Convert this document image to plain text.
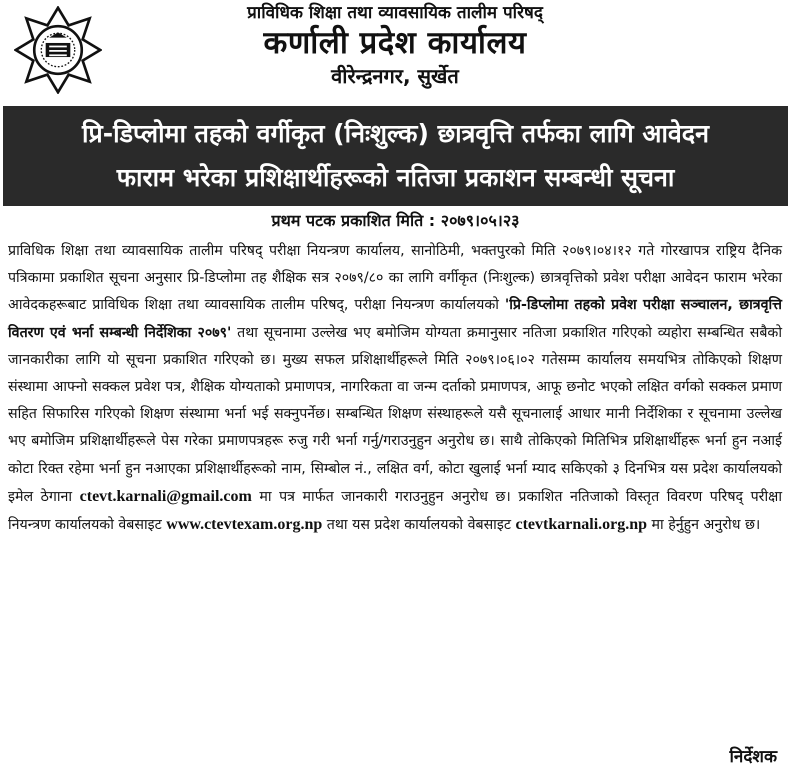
प्राविधिक शिक्षा तथा व्यावसायिक तालीम परिषद्
कर्णाली प्रदेश कार्यालय
वीरेन्द्रनगर, सुर्खेत
प्रि-डिप्लोमा तहको वर्गीकृत (निःशुल्क) छात्रवृत्ति तर्फका लागि आवेदन
फाराम भरेका प्रशिक्षार्थीहरूको नतिजा प्रकाशन सम्बन्धी सूचना
प्रथम पटक प्रकाशित मिति : २०७९।०५।२३
प्राविधिक शिक्षा तथा व्यावसायिक तालीम परिषद् परीक्षा नियन्त्रण कार्यालय, सानोठिमी, भक्तपुरको मिति २०७९।०४।१२ गते गोरखापत्र राष्ट्रिय दैनिक पत्रिकामा प्रकाशित सूचना अनुसार प्रि-डिप्लोमा तह शैक्षिक सत्र २०७९/८० का लागि वर्गीकृत (निःशुल्क) छात्रवृत्तिको प्रवेश परीक्षा आवेदन फाराम भरेका आवेदकहरूबाट प्राविधिक शिक्षा तथा व्यावसायिक तालीम परिषद्, परीक्षा नियन्त्रण कार्यालयको 'प्रि-डिप्लोमा तहको प्रवेश परीक्षा सञ्चालन, छात्रवृत्ति वितरण एवं भर्ना सम्बन्धी निर्देशिका २०७९' तथा सूचनामा उल्लेख भए बमोजिम योग्यता क्रमानुसार नतिजा प्रकाशित गरिएको व्यहोरा सम्बन्धित सबैको जानकारीका लागि यो सूचना प्रकाशित गरिएको छ। मुख्य सफल प्रशिक्षार्थीहरूले मिति २०७९।०६।०२ गतेसम्म कार्यालय समयभित्र तोकिएको शिक्षण संस्थामा आफ्नो सक्कल प्रवेश पत्र, शैक्षिक योग्यताको प्रमाणपत्र, नागरिकता वा जन्म दर्ताको प्रमाणपत्र, आफू छनोट भएको लक्षित वर्गको सक्कल प्रमाण सहित सिफारिस गरिएको शिक्षण संस्थामा भर्ना भई सक्नुपर्नेछ। सम्बन्धित शिक्षण संस्थाहरूले यसै सूचनालाई आधार मानी निर्देशिका र सूचनामा उल्लेख भए बमोजिम प्रशिक्षार्थीहरूले पेस गरेका प्रमाणपत्रहरू रुजु गरी भर्ना गर्नु/गराउनुहुन अनुरोध छ। साथै तोकिएको मितिभित्र प्रशिक्षार्थीहरू भर्ना हुन नआई कोटा रिक्त रहेमा भर्ना हुन नआएका प्रशिक्षार्थीहरूको नाम, सिम्बोल नं., लक्षित वर्ग, कोटा खुलाई भर्ना म्याद सकिएको ३ दिनभित्र यस प्रदेश कार्यालयको इमेल ठेगाना ctevt.karnali@gmail.com मा पत्र मार्फत जानकारी गराउनुहुन अनुरोध छ। प्रकाशित नतिजाको विस्तृत विवरण परिषद् परीक्षा नियन्त्रण कार्यालयको वेबसाइट www.ctevtexam.org.np तथा यस प्रदेश कार्यालयको वेबसाइट ctevtkarnali.org.np मा हेर्नुहुन अनुरोध छ।
निर्देशक
